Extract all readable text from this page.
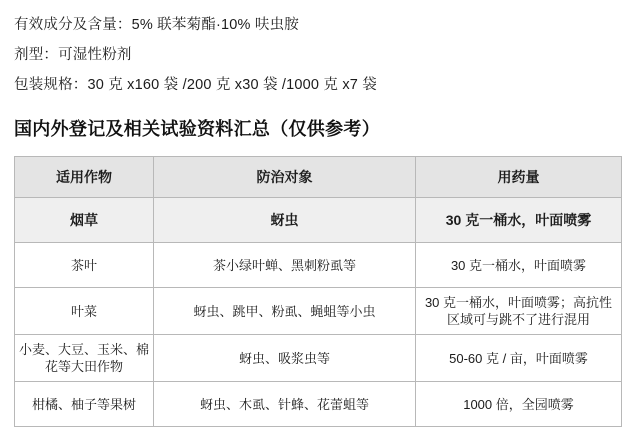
有效成分及含量：5% 联苯菊酯·10% 呋虫胺
剂型：可湿性粉剂
包装规格：30 克 x160 袋 /200 克 x30 袋 /1000 克 x7 袋
国内外登记及相关试验资料汇总（仅供参考）
适用作物	防治对象	用药量
烟草	蚜虫	30 克一桶水，叶面喷雾
茶叶	茶小绿叶蝉、黑刺粉虱等	30 克一桶水，叶面喷雾
叶菜	蚜虫、跳甲、粉虱、蝇蛆等小虫	30 克一桶水，叶面喷雾；高抗性区域可与跳不了进行混用
小麦、大豆、玉米、棉花等大田作物	蚜虫、吸浆虫等	50-60 克 / 亩，叶面喷雾
柑橘、柚子等果树	蚜虫、木虱、针蜂、花蕾蛆等	1000 倍，全园喷雾
